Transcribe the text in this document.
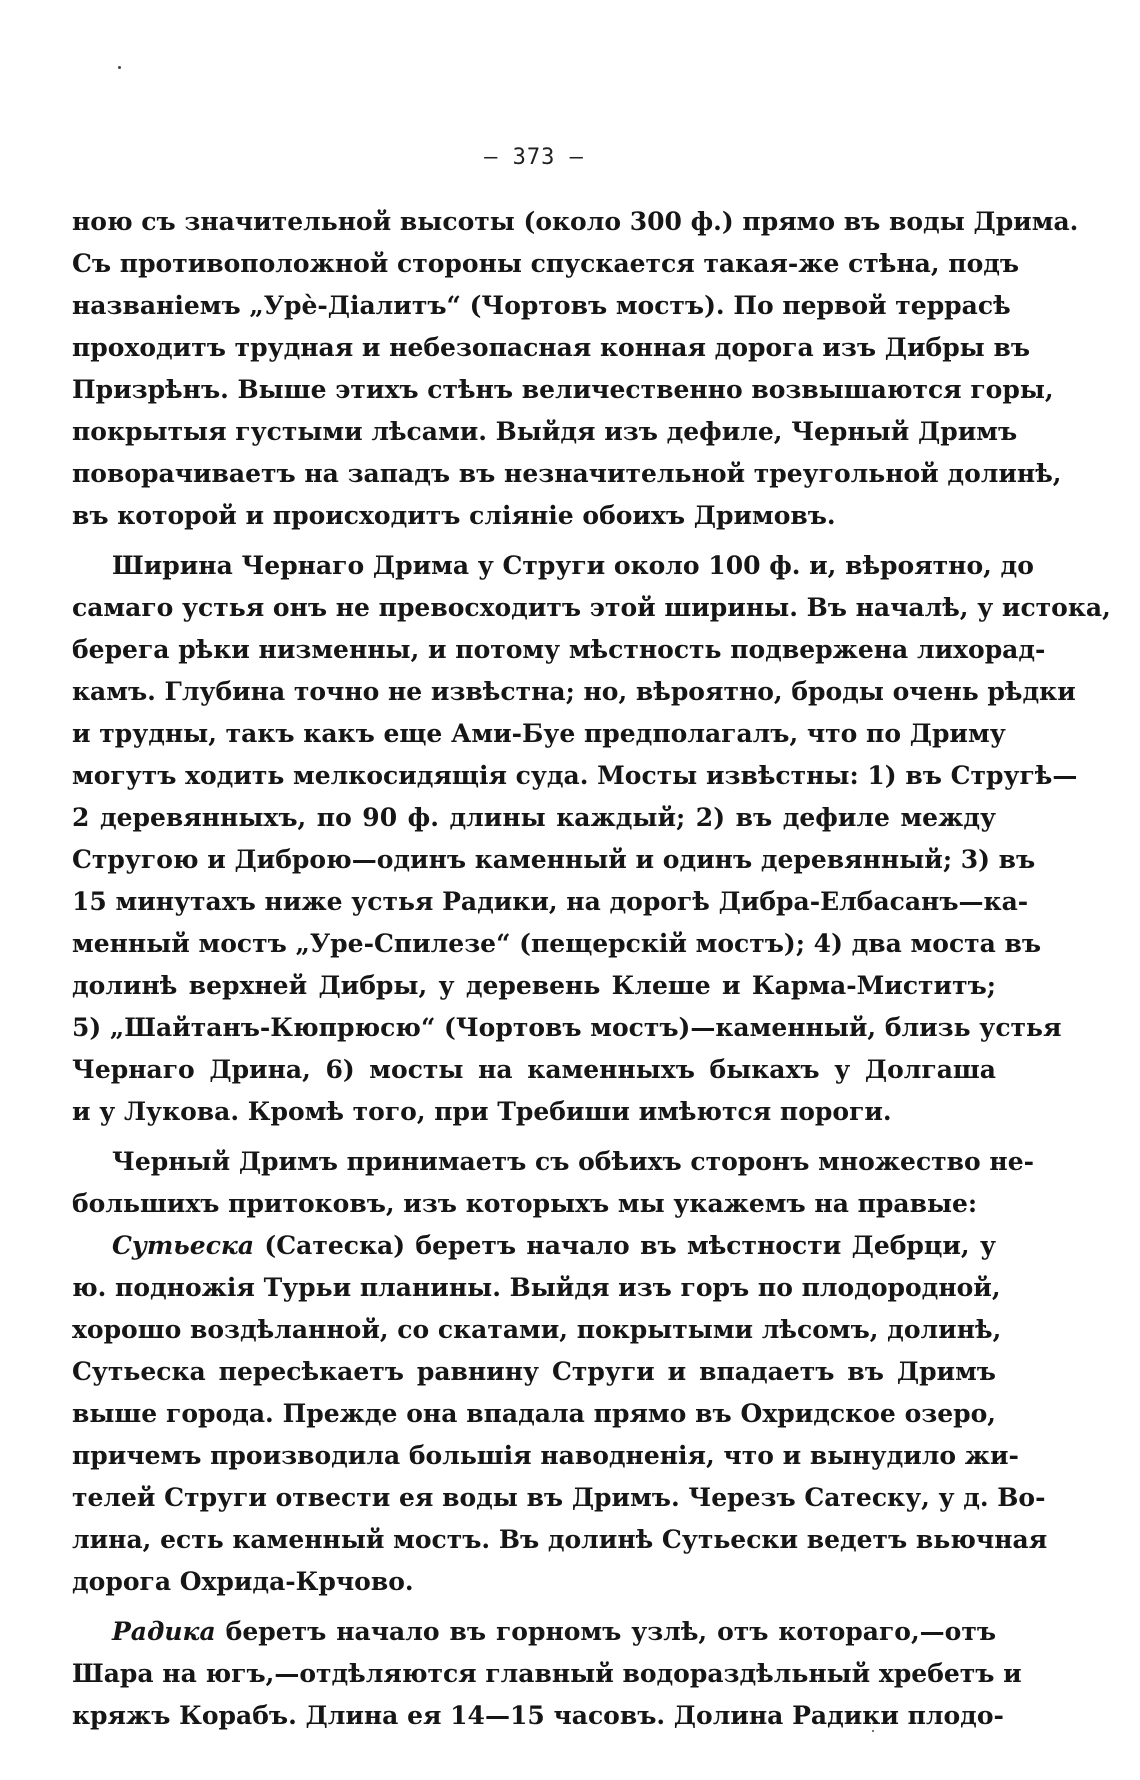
— 373 —
ною съ значительной высоты (около 300 ф.) прямо въ воды Дрима.
Съ противоположной стороны спускается такая-же стѣна, подъ
названіемъ „Урè-Діалитъ“ (Чортовъ мостъ). По первой террасѣ
проходитъ трудная и небезопасная конная дорога изъ Дибры въ
Призрѣнъ. Выше этихъ стѣнъ величественно возвышаются горы,
покрытыя густыми лѣсами. Выйдя изъ дефиле, Черный Дримъ
поворачиваетъ на западъ въ незначительной треугольной долинѣ,
въ которой и происходитъ сліяніе обоихъ Дримовъ.
Ширина Чернаго Дрима у Струги около 100 ф. и, вѣроятно, до
самаго устья онъ не превосходитъ этой ширины. Въ началѣ, у истока,
берега рѣки низменны, и потому мѣстность подвержена лихорад-
камъ. Глубина точно не извѣстна; но, вѣроятно, броды очень рѣдки
и трудны, такъ какъ еще Ами-Буе предполагалъ, что по Дриму
могутъ ходить мелкосидящія суда. Мосты извѣстны: 1) въ Стругѣ—
2 деревянныхъ, по 90 ф. длины каждый; 2) въ дефиле между
Стругою и Диброю—одинъ каменный и одинъ деревянный; 3) въ
15 минутахъ ниже устья Радики, на дорогѣ Дибра-Елбасанъ—ка-
менный мостъ „Уре-Спилезе“ (пещерскій мостъ); 4) два моста въ
долинѣ верхней Дибры, у деревень Клеше и Карма-Миститъ;
5) „Шайтанъ-Кюпрюсю“ (Чортовъ мостъ)—каменный, близь устья
Чернаго Дрина, 6) мосты на каменныхъ быкахъ у Долгаша
и у Лукова. Кромѣ того, при Требиши имѣются пороги.
Черный Дримъ принимаетъ съ обѣихъ сторонъ множество не-
большихъ притоковъ, изъ которыхъ мы укажемъ на правые:
Сутьеска (Сатеска) беретъ начало въ мѣстности Дебрци, у
ю. подножія Турьи планины. Выйдя изъ горъ по плодородной,
хорошо воздѣланной, со скатами, покрытыми лѣсомъ, долинѣ,
Сутьеска пересѣкаетъ равнину Струги и впадаетъ въ Дримъ
выше города. Прежде она впадала прямо въ Охридское озеро,
причемъ производила большія наводненія, что и вынудило жи-
телей Струги отвести ея воды въ Дримъ. Черезъ Сатеску, у д. Во-
лина, есть каменный мостъ. Въ долинѣ Сутьески ведетъ вьючная
дорога Охрида-Крчово.
Радика беретъ начало въ горномъ узлѣ, отъ котораго,—отъ
Шара на югъ,—отдѣляются главный водораздѣльный хребетъ и
кряжъ Корабъ. Длина ея 14—15 часовъ. Долина Радики плодо-
